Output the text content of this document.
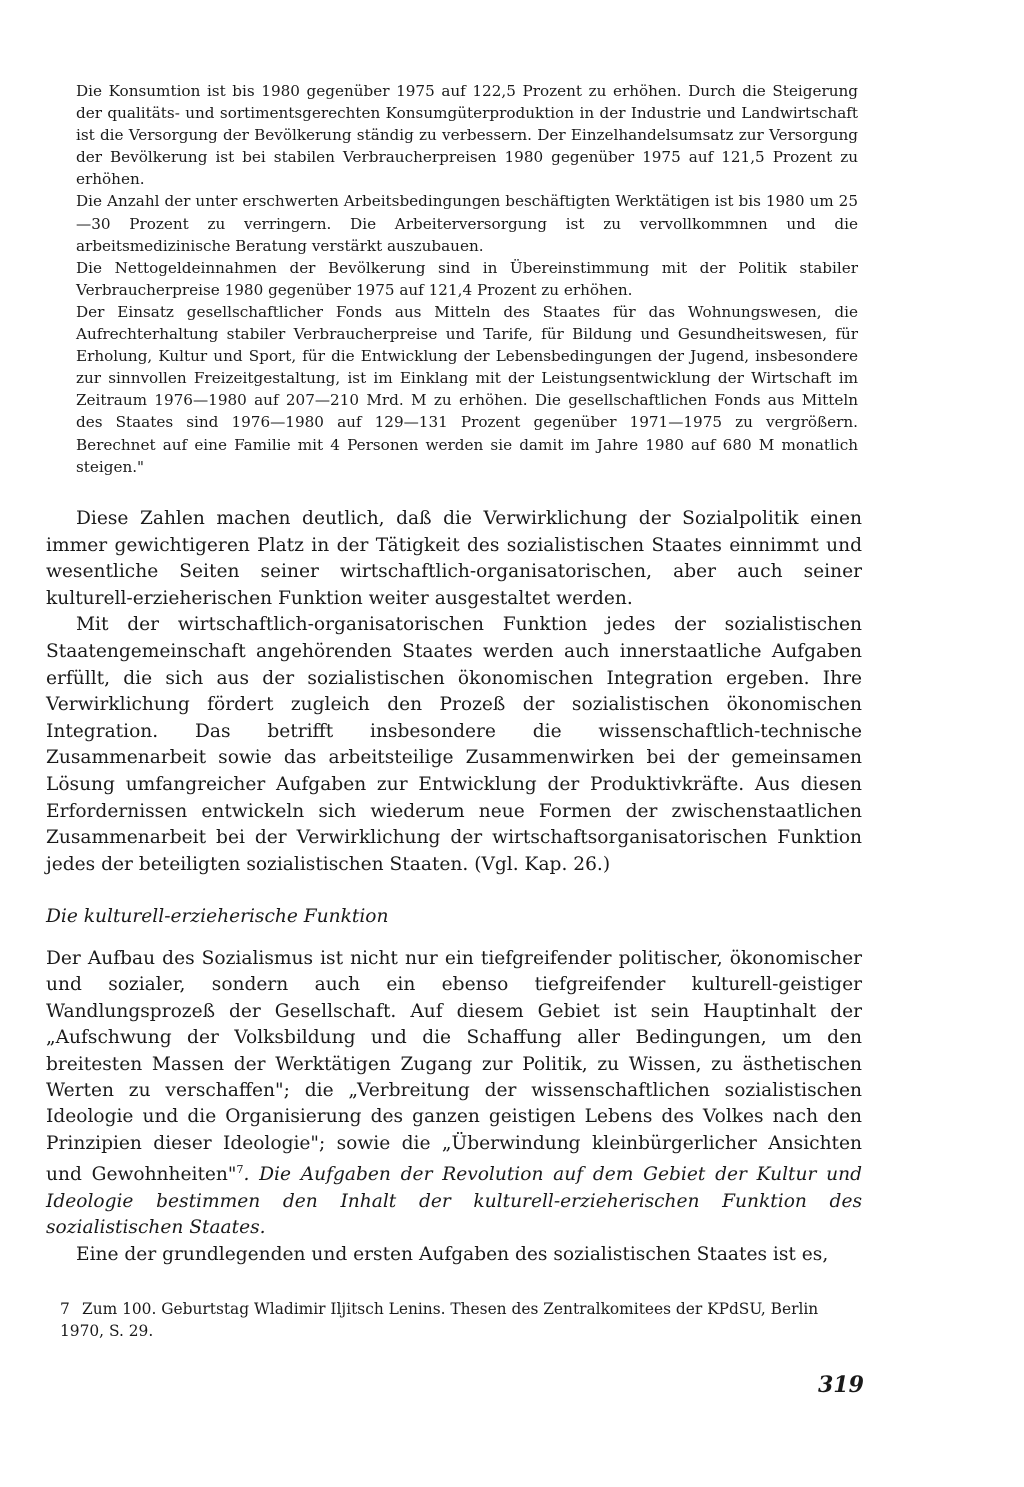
Die Konsumtion ist bis 1980 gegenüber 1975 auf 122,5 Prozent zu erhöhen. Durch die Steigerung der qualitäts- und sortimentsgerechten Konsumgüterproduktion in der Industrie und Landwirtschaft ist die Versorgung der Bevölkerung ständig zu verbessern. Der Einzelhandelsumsatz zur Versorgung der Bevölkerung ist bei stabilen Verbraucherpreisen 1980 gegenüber 1975 auf 121,5 Prozent zu erhöhen.

Die Anzahl der unter erschwerten Arbeitsbedingungen beschäftigten Werktätigen ist bis 1980 um 25—30 Prozent zu verringern. Die Arbeiterversorgung ist zu vervollkommnen und die arbeitsmedizinische Beratung verstärkt auszubauen.

Die Nettogeldeinnahmen der Bevölkerung sind in Übereinstimmung mit der Politik stabiler Verbraucherpreise 1980 gegenüber 1975 auf 121,4 Prozent zu erhöhen.

Der Einsatz gesellschaftlicher Fonds aus Mitteln des Staates für das Wohnungswesen, die Aufrechterhaltung stabiler Verbraucherpreise und Tarife, für Bildung und Gesundheitswesen, für Erholung, Kultur und Sport, für die Entwicklung der Lebensbedingungen der Jugend, insbesondere zur sinnvollen Freizeitgestaltung, ist im Einklang mit der Leistungsentwicklung der Wirtschaft im Zeitraum 1976—1980 auf 207—210 Mrd. M zu erhöhen. Die gesellschaftlichen Fonds aus Mitteln des Staates sind 1976—1980 auf 129—131 Prozent gegenüber 1971—1975 zu vergrößern. Berechnet auf eine Familie mit 4 Personen werden sie damit im Jahre 1980 auf 680 M monatlich steigen."

Diese Zahlen machen deutlich, daß die Verwirklichung der Sozialpolitik einen immer gewichtigeren Platz in der Tätigkeit des sozialistischen Staates einnimmt und wesentliche Seiten seiner wirtschaftlich-organisatorischen, aber auch seiner kulturell-erzieherischen Funktion weiter ausgestaltet werden.

Mit der wirtschaftlich-organisatorischen Funktion jedes der sozialistischen Staatengemeinschaft angehörenden Staates werden auch innerstaatliche Aufgaben erfüllt, die sich aus der sozialistischen ökonomischen Integration ergeben. Ihre Verwirklichung fördert zugleich den Prozeß der sozialistischen ökonomischen Integration. Das betrifft insbesondere die wissenschaftlich-technische Zusammenarbeit sowie das arbeitsteilige Zusammenwirken bei der gemeinsamen Lösung umfangreicher Aufgaben zur Entwicklung der Produktivkräfte. Aus diesen Erfordernissen entwickeln sich wiederum neue Formen der zwischenstaatlichen Zusammenarbeit bei der Verwirklichung der wirtschaftsorganisatorischen Funktion jedes der beteiligten sozialistischen Staaten. (Vgl. Kap. 26.)

Die kulturell-erzieherische Funktion

Der Aufbau des Sozialismus ist nicht nur ein tiefgreifender politischer, ökonomischer und sozialer, sondern auch ein ebenso tiefgreifender kulturell-geistiger Wandlungsprozeß der Gesellschaft. Auf diesem Gebiet ist sein Hauptinhalt der „Aufschwung der Volksbildung und die Schaffung aller Bedingungen, um den breitesten Massen der Werktätigen Zugang zur Politik, zu Wissen, zu ästhetischen Werten zu verschaffen"; die „Verbreitung der wissenschaftlichen sozialistischen Ideologie und die Organisierung des ganzen geistigen Lebens des Volkes nach den Prinzipien dieser Ideologie"; sowie die „Überwindung kleinbürgerlicher Ansichten und Gewohnheiten"$^7$. Die Aufgaben der Revolution auf dem Gebiet der Kultur und Ideologie bestimmen den Inhalt der kulturell-erzieherischen Funktion des sozialistischen Staates.

Eine der grundlegenden und ersten Aufgaben des sozialistischen Staates ist es,

7 Zum 100. Geburtstag Wladimir Iljitsch Lenins. Thesen des Zentralkomitees der KPdSU, Berlin 1970, S. 29.
319
